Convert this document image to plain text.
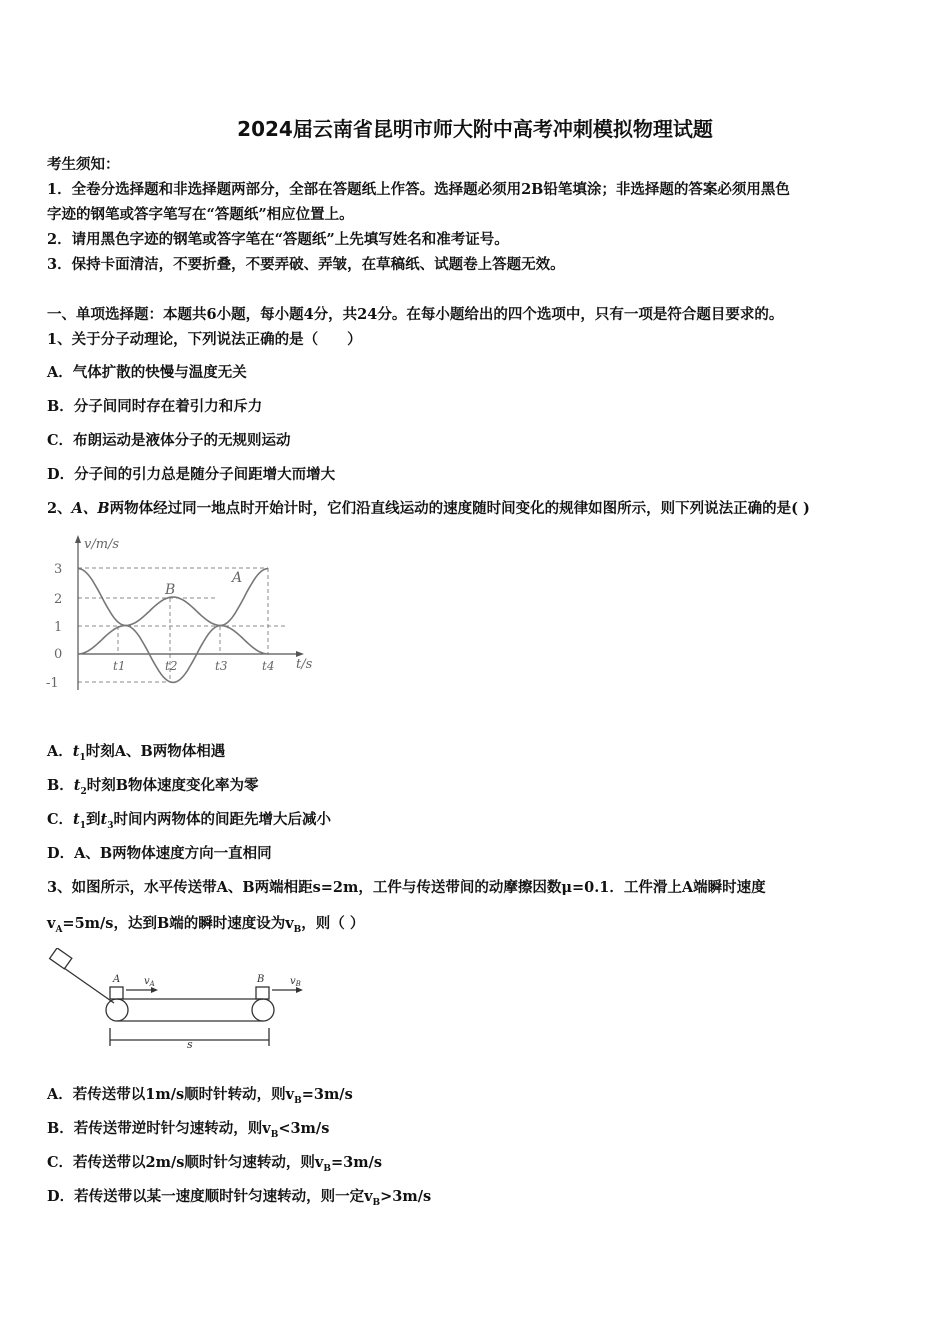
2024届云南省昆明市师大附中高考冲刺模拟物理试题
考生须知：
1．全卷分选择题和非选择题两部分，全部在答题纸上作答。选择题必须用2B铅笔填涂；非选择题的答案必须用黑色
字迹的钢笔或答字笔写在“答题纸”相应位置上。
2．请用黑色字迹的钢笔或答字笔在“答题纸”上先填写姓名和准考证号。
3．保持卡面清洁，不要折叠，不要弄破、弄皱，在草稿纸、试题卷上答题无效。
一、单项选择题：本题共6小题，每小题4分，共24分。在每小题给出的四个选项中，只有一项是符合题目要求的。
1、关于分子动理论，下列说法正确的是（　　）
A．气体扩散的快慢与温度无关
B．分子间同时存在着引力和斥力
C．布朗运动是液体分子的无规则运动
D．分子间的引力总是随分子间距增大而增大
2、A、B两物体经过同一地点时开始计时，它们沿直线运动的速度随时间变化的规律如图所示，则下列说法正确的是( )
v/m/s
t/s
3
2
1
0
-1
t1	t2	t3	t4
A
B
A．$t_1$时刻A、B两物体相遇
B．$t_2$时刻B物体速度变化率为零
C．$t_1$到$t_3$时间内两物体的间距先增大后减小
D．A、B两物体速度方向一直相同
3、如图所示，水平传送带A、B两端相距s=2m，工件与传送带间的动摩擦因数μ=0.1．工件滑上A端瞬时速度
$v_A=5m/s$，达到B端的瞬时速度设为$v_B$，则（ ）
A	B
$v_A$	$v_B$
s
A．若传送带以1m/s顺时针转动，则$v_B=3m/s$
B．若传送带逆时针匀速转动，则$v_B<3m/s$
C．若传送带以2m/s顺时针匀速转动，则$v_B=3m/s$
D．若传送带以某一速度顺时针匀速转动，则一定$v_B>3m/s$
